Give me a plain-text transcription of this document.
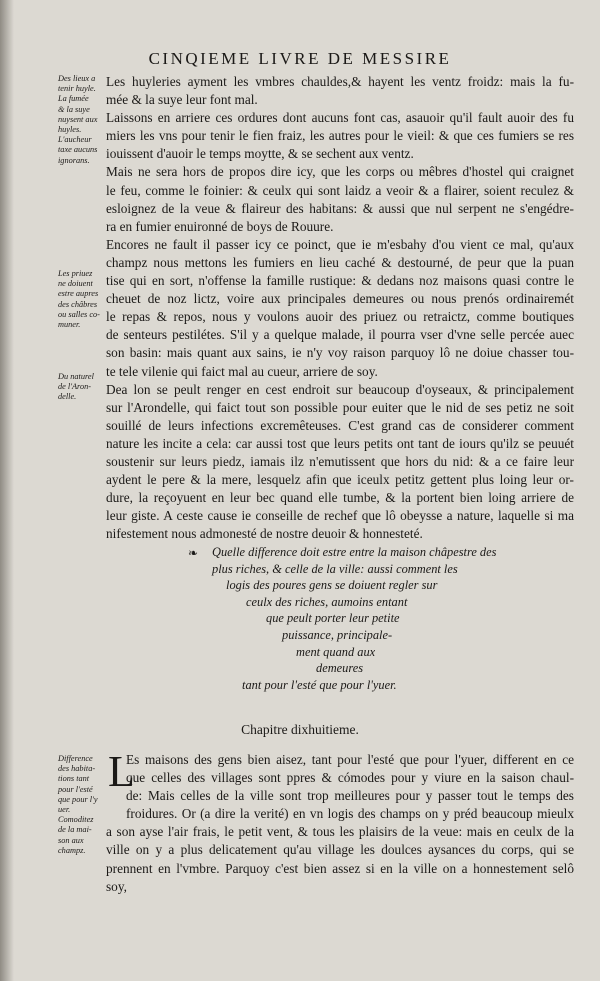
CINQIEME LIVRE DE MESSIRE
Les huyleries ayment les vmbres chauldes,& hayent les ventz froidz: mais la fu-
mée & la suye leur font mal.
Laissons en arriere ces ordures dont aucuns font cas, asauoir qu'il fault auoir des fu
miers les vns pour tenir le fien fraiz, les autres pour le vieil: & que ces fumiers se res
iouissent d'auoir le temps moytte, & se sechent aux ventz.
Mais ne sera hors de propos dire icy, que les corps ou mêbres d'hostel qui craignet
le feu, comme le foinier: & ceulx qui sont laidz a veoir & a flairer, soient reculez &
esloignez de la veue & flaireur des habitans: & aussi que nul serpent ne s'engédre-
ra en fumier enuironné de boys de Rouure.
Encores ne fault il passer icy ce poinct, que ie m'esbahy d'ou vient ce mal, qu'aux
champz nous mettons les fumiers en lieu caché & destourné, de peur que la puan
tise qui en sort, n'offense la famille rustique: & dedans noz maisons quasi contre le
cheuet de noz lictz, voire aux principales demeures ou nous prenós ordinairemét
le repas & repos, nous y voulons auoir des priuez ou retraictz, comme boutiques
de senteurs pestilétes. S'il y a quelque malade, il pourra vser d'vne selle percée auec
son basin: mais quant aux sains, ie n'y voy raison parquoy lô ne doiue chasser tou-
te tele vilenie qui faict mal au cueur, arriere de soy.
Dea lon se peult renger en cest endroit sur beaucoup d'oyseaux, & principalement
sur l'Arondelle, qui faict tout son possible pour euiter que le nid de ses petiz ne soit
souillé de leurs infections excremêteuses. C'est grand cas de considerer comment
nature les incite a cela: car aussi tost que leurs petits ont tant de iours qu'ilz se peuuét
soustenir sur leurs piedz, iamais ilz n'emutissent que hors du nid: & a ce faire leur
aydent le pere & la mere, lesquelz afin que iceulx petitz gettent plus loing leur or-
dure, la reçoyuent en leur bec quand elle tumbe, & la portent bien loing arriere de
leur giste. A ceste cause ie conseille de rechef que lô obeysse a nature, laquelle si ma
nifestement nous admonesté de nostre deuoir & honnesteté.
Des lieux a
tenir huyle.
La fumée
& la suye
nuysent aux
huyles.
L'aucheur
taxe aucuns
ignorans.
Les priuez
ne doiuent
estre aupres
des châbres
ou salles co-
muner.
Du naturel
de l'Aron-
delle.
Difference
des habita-
tions tant
pour l'esté
que pour l'y
uer.
Comoditez
de la mai-
son aux
champz.
❧ Quelle difference doit estre entre la maison châpestre des
plus riches, & celle de la ville: aussi comment les
logis des poures gens se doiuent regler sur
ceulx des riches, aumoins entant
que peult porter leur petite
puissance, principale-
ment quand aux
demeures
tant pour l'esté que pour l'yuer.
Chapitre dixhuitieme.
L
Es maisons des gens bien aisez, tant pour l'esté que pour l'yuer, different en ce
que celles des villages sont ppres & cómodes pour y viure en la saison chaul-
de: Mais celles de la ville sont trop meilleures pour y passer tout le temps des
froidures. Or (a dire la verité) en vn logis des champs on y préd beaucoup mieulx
a son ayse l'air frais, le petit vent, & tous les plaisirs de la veue: mais en ceulx de la
ville on y a plus delicatement qu'au village les doulces aysances du corps, qui se
prennent en l'vmbre. Parquoy c'est bien assez si en la ville on a honnestement selô
soy,
